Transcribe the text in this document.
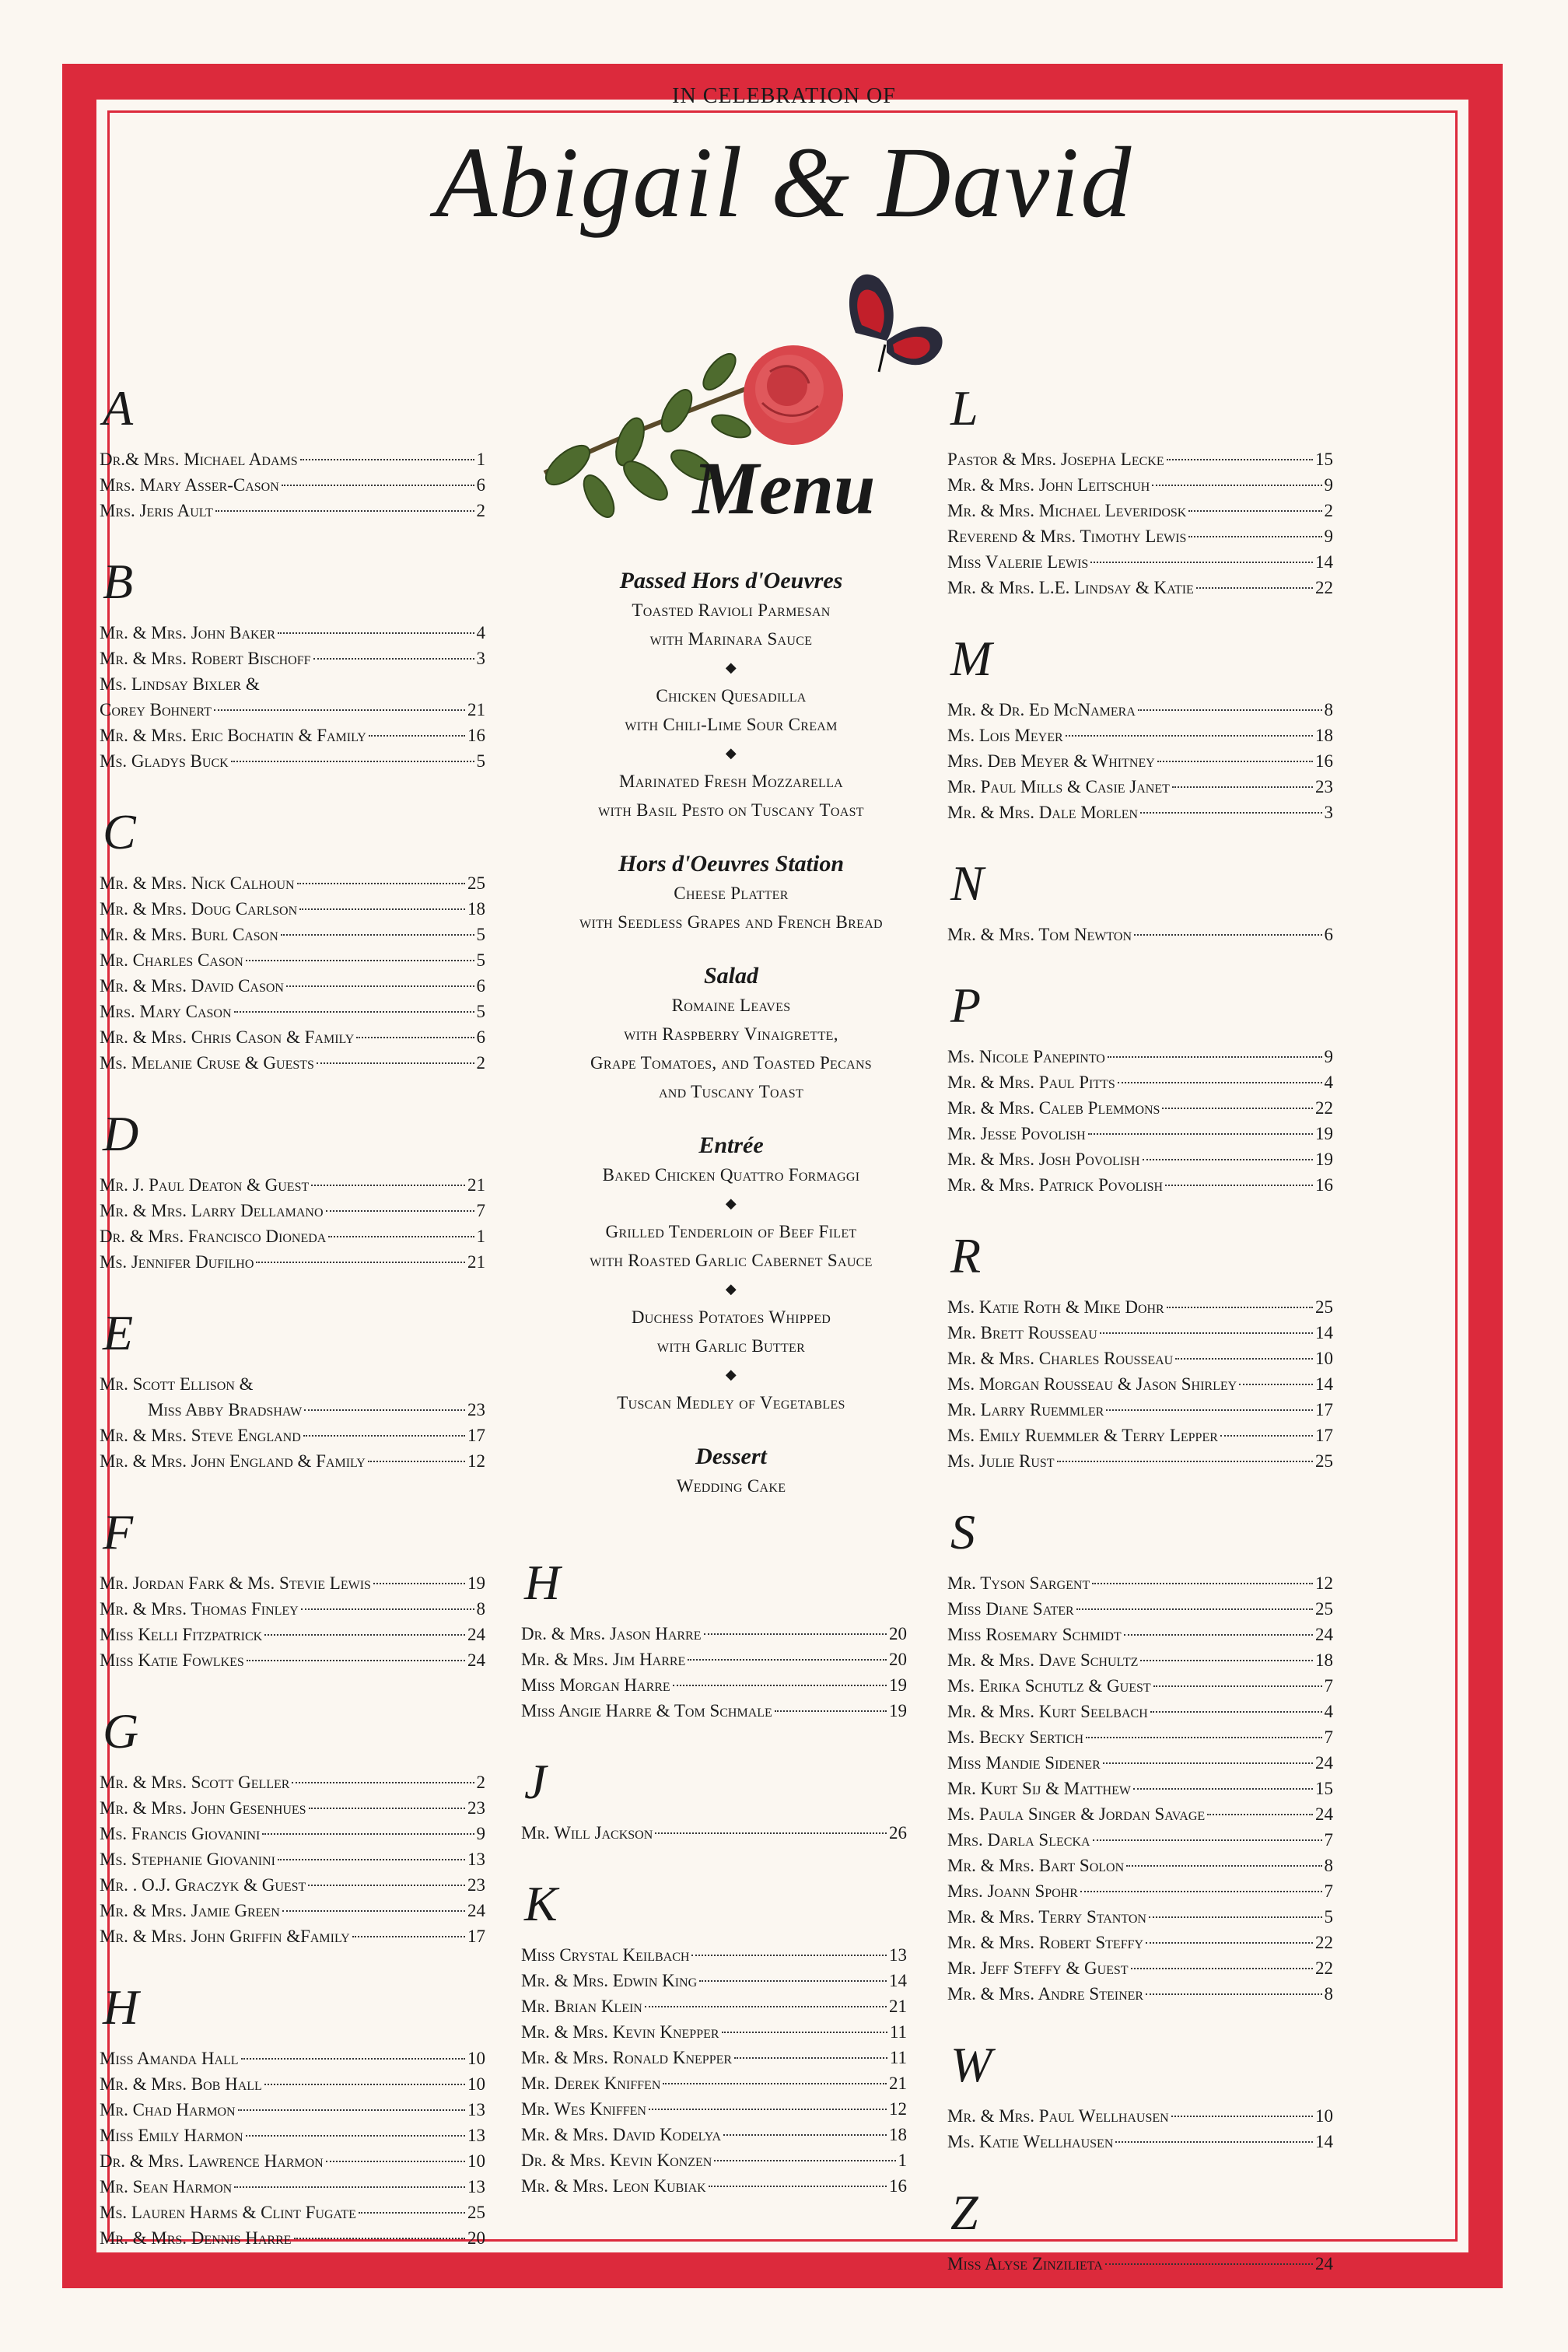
IN CELEBRATION OF
Abigail & David
Menu
Passed Hors d'Oeuvres
Toasted Ravioli Parmesan
with Marinara Sauce
◆
Chicken Quesadilla
with Chili-Lime Sour Cream
◆
Marinated Fresh Mozzarella
with Basil Pesto on Tuscany Toast
Hors d'Oeuvres Station
Cheese Platter
with Seedless Grapes and French Bread
Salad
Romaine Leaves
with Raspberry Vinaigrette,
Grape Tomatoes, and Toasted Pecans
and Tuscany Toast
Entrée
Baked Chicken Quattro Formaggi
◆
Grilled Tenderloin of Beef Filet
with Roasted Garlic Cabernet Sauce
◆
Duchess Potatoes Whipped
with Garlic Butter
◆
Tuscan Medley of Vegetables
Dessert
Wedding Cake
A
Dr.& Mrs. Michael Adams	1
Mrs. Mary Asser-Cason	6
Mrs. Jeris Ault	2
B
Mr. & Mrs. John Baker	4
Mr. & Mrs. Robert Bischoff	3
Ms. Lindsay Bixler &
Corey Bohnert	21
Mr. & Mrs. Eric Bochatin & Family	16
Ms. Gladys Buck	5
C
Mr. & Mrs. Nick Calhoun	25
Mr. & Mrs. Doug Carlson	18
Mr. & Mrs. Burl Cason	5
Mr. Charles Cason	5
Mr. & Mrs. David Cason	6
Mrs. Mary Cason	5
Mr. & Mrs. Chris Cason & Family	6
Ms. Melanie Cruse & Guests	2
D
Mr. J. Paul Deaton & Guest	21
Mr. & Mrs. Larry Dellamano	7
Dr. & Mrs. Francisco Dioneda	1
Ms. Jennifer Dufilho	21
E
Mr. Scott Ellison &
Miss Abby Bradshaw	23
Mr. & Mrs. Steve England	17
Mr. & Mrs. John England & Family	12
F
Mr. Jordan Fark & Ms. Stevie Lewis	19
Mr. & Mrs. Thomas Finley	8
Miss Kelli Fitzpatrick	24
Miss Katie Fowlkes	24
G
Mr. & Mrs. Scott Geller	2
Mr. & Mrs. John Gesenhues	23
Ms. Francis Giovanini	9
Ms. Stephanie Giovanini	13
Mr. . O.J. Graczyk & Guest	23
Mr. & Mrs. Jamie Green	24
Mr. & Mrs. John Griffin &Family	17
H
Miss Amanda Hall	10
Mr. & Mrs. Bob Hall	10
Mr. Chad Harmon	13
Miss Emily Harmon	13
Dr. & Mrs. Lawrence Harmon	10
Mr. Sean Harmon	13
Ms. Lauren Harms & Clint Fugate	25
Mr. & Mrs. Dennis Harre	20
H
Dr. & Mrs. Jason Harre	20
Mr. & Mrs. Jim Harre	20
Miss Morgan Harre	19
Miss Angie Harre & Tom Schmale	19
J
Mr. Will Jackson	26
K
Miss Crystal Keilbach	13
Mr. & Mrs. Edwin King	14
Mr. Brian Klein	21
Mr. & Mrs. Kevin Knepper	11
Mr. & Mrs. Ronald Knepper	11
Mr. Derek Kniffen	21
Mr. Wes Kniffen	12
Mr. & Mrs. David Kodelya	18
Dr. & Mrs. Kevin Konzen	1
Mr. & Mrs. Leon Kubiak	16
L
Pastor & Mrs. Josepha Lecke	15
Mr. & Mrs. John Leitschuh	9
Mr. & Mrs. Michael Leveridosk	2
Reverend & Mrs. Timothy Lewis	9
Miss Valerie Lewis	14
Mr. & Mrs. L.E. Lindsay & Katie	22
M
Mr. & Dr. Ed McNamera	8
Ms. Lois Meyer	18
Mrs. Deb Meyer & Whitney	16
Mr. Paul Mills & Casie Janet	23
Mr. & Mrs. Dale Morlen	3
N
Mr. & Mrs. Tom Newton	6
P
Ms. Nicole Panepinto	9
Mr. & Mrs. Paul Pitts	4
Mr. & Mrs. Caleb Plemmons	22
Mr. Jesse Povolish	19
Mr. & Mrs. Josh Povolish	19
Mr. & Mrs. Patrick Povolish	16
R
Ms. Katie Roth & Mike Dohr	25
Mr. Brett Rousseau	14
Mr. & Mrs. Charles Rousseau	10
Ms. Morgan Rousseau & Jason Shirley	14
Mr. Larry Ruemmler	17
Ms. Emily Ruemmler & Terry Lepper	17
Ms. Julie Rust	25
S
Mr. Tyson Sargent	12
Miss Diane Sater	25
Miss Rosemary Schmidt	24
Mr. & Mrs. Dave Schultz	18
Ms. Erika Schutlz & Guest	7
Mr. & Mrs. Kurt Seelbach	4
Ms. Becky Sertich	7
Miss Mandie Sidener	24
Mr. Kurt Sij & Matthew	15
Ms. Paula Singer & Jordan Savage	24
Mrs. Darla Slecka	7
Mr. & Mrs. Bart Solon	8
Mrs. Joann Spohr	7
Mr. & Mrs. Terry Stanton	5
Mr. & Mrs. Robert Steffy	22
Mr. Jeff Steffy & Guest	22
Mr. & Mrs. Andre Steiner	8
W
Mr. & Mrs. Paul Wellhausen	10
Ms. Katie Wellhausen	14
Z
Miss Alyse Zinzilieta	24
